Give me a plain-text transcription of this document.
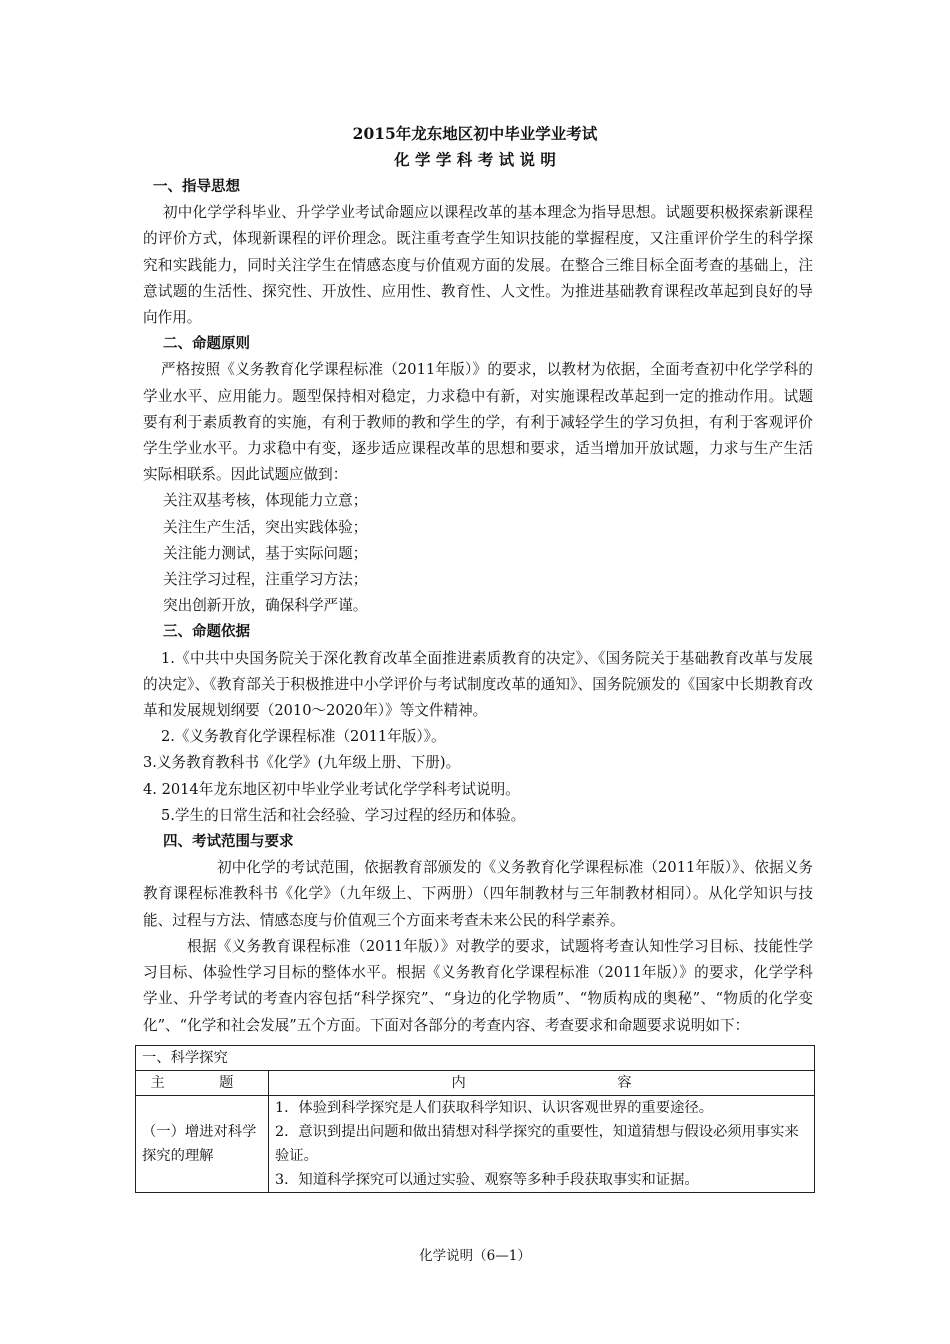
2015年龙东地区初中毕业学业考试
化 学 学 科 考 试 说 明
一、指导思想

初中化学学科毕业、升学学业考试命题应以课程改革的基本理念为指导思想。试题要积极探索新课程的评价方式，体现新课程的评价理念。既注重考查学生知识技能的掌握程度，又注重评价学生的科学探究和实践能力，同时关注学生在情感态度与价值观方面的发展。在整合三维目标全面考查的基础上，注意试题的生活性、探究性、开放性、应用性、教育性、人文性。为推进基础教育课程改革起到良好的导向作用。

二、命题原则

严格按照《义务教育化学课程标准（2011年版）》的要求，以教材为依据，全面考查初中化学学科的学业水平、应用能力。题型保持相对稳定，力求稳中有新，对实施课程改革起到一定的推动作用。试题要有利于素质教育的实施，有利于教师的教和学生的学，有利于减轻学生的学习负担，有利于客观评价学生学业水平。力求稳中有变，逐步适应课程改革的思想和要求，适当增加开放试题，力求与生产生活实际相联系。因此试题应做到：

关注双基考核，体现能力立意；
关注生产生活，突出实践体验；
关注能力测试，基于实际问题；
关注学习过程，注重学习方法；
突出创新开放，确保科学严谨。
三、命题依据

1.《中共中央国务院关于深化教育改革全面推进素质教育的决定》、《国务院关于基础教育改革与发展的决定》、《教育部关于积极推进中小学评价与考试制度改革的通知》、国务院颁发的《国家中长期教育改革和发展规划纲要（2010～2020年）》等文件精神。

2.《义务教育化学课程标准（2011年版）》。
3.义务教育教科书《化学》(九年级上册、下册)。
4. 2014年龙东地区初中毕业学业考试化学学科考试说明。
5.学生的日常生活和社会经验、学习过程的经历和体验。
四、考试范围与要求

初中化学的考试范围，依据教育部颁发的《义务教育化学课程标准（2011年版）》、依据义务教育课程标准教科书《化学》（九年级上、下两册）（四年制教材与三年制教材相同）。从化学知识与技能、过程与方法、情感态度与价值观三个方面来考查未来公民的科学素养。

根据《义务教育课程标准（2011年版）》对教学的要求，试题将考查认知性学习目标、技能性学习目标、体验性学习目标的整体水平。根据《义务教育化学课程标准（2011年版）》的要求，化学学科学业、升学考试的考查内容包括“科学探究”、“身边的化学物质”、“物质构成的奥秘”、“物质的化学变化”、“化学和社会发展”五个方面。下面对各部分的考查内容、考查要求和命题要求说明如下：

一、科学探究	
主　题	内容
（一）增进对科学探究的理解	1．体验到科学探究是人们获取科学知识、认识客观世界的重要途径。
2．意识到提出问题和做出猜想对科学探究的重要性，知道猜想与假设必须用事实来验证。
3．知道科学探究可以通过实验、观察等多种手段获取事实和证据。
化学说明（6—1）
